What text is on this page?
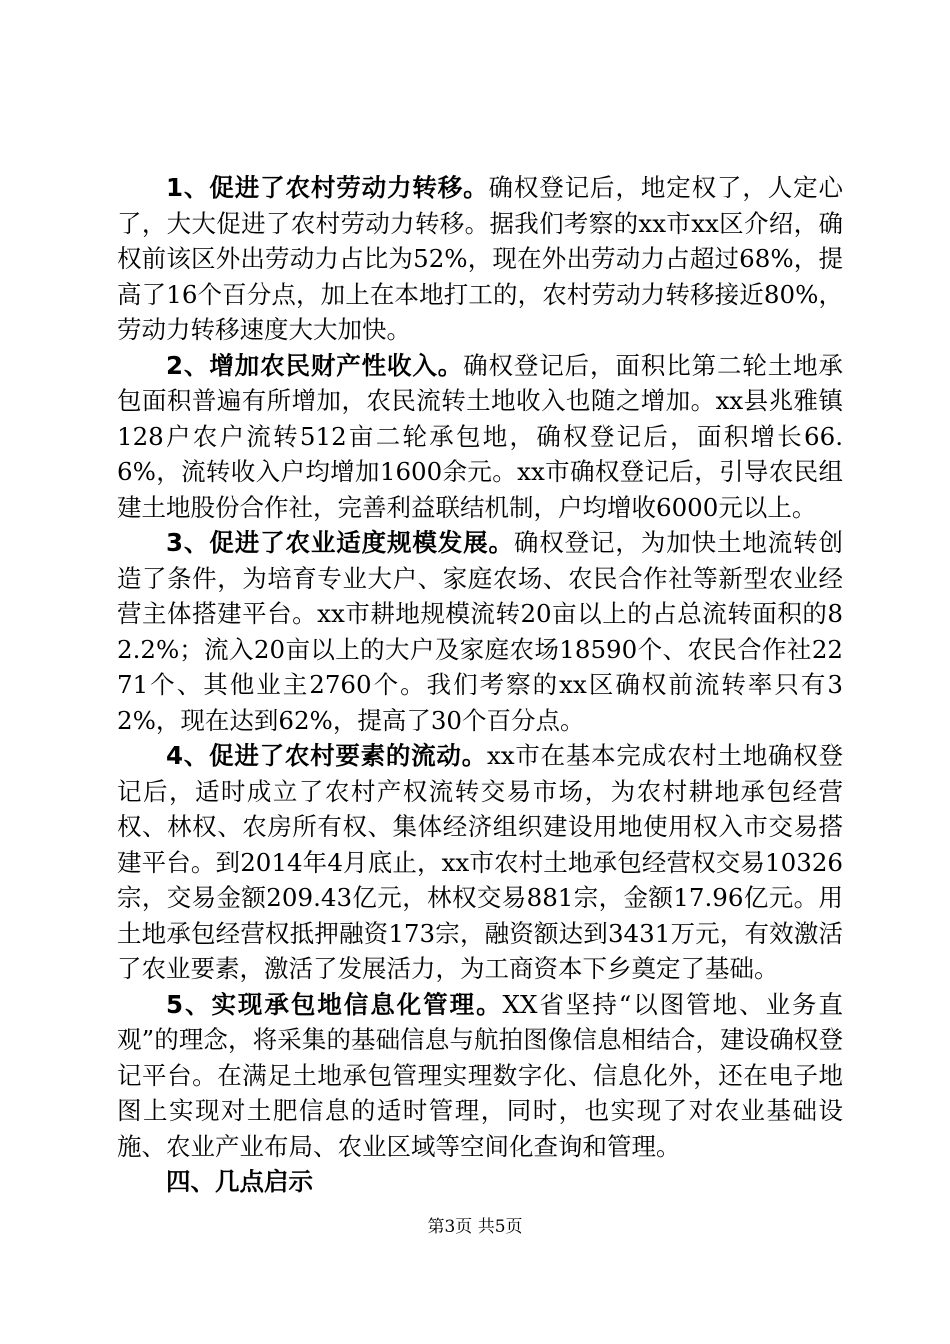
1、促进了农村劳动力转移。确权登记后，地定权了，人定心了，大大促进了农村劳动力转移。据我们考察的xx市xx区介绍，确权前该区外出劳动力占比为52%，现在外出劳动力占超过68%，提高了16个百分点，加上在本地打工的，农村劳动力转移接近80%，劳动力转移速度大大加快。

2、增加农民财产性收入。确权登记后，面积比第二轮土地承包面积普遍有所增加，农民流转土地收入也随之增加。xx县兆雅镇128户农户流转512亩二轮承包地，确权登记后，面积增长66.6%，流转收入户均增加1600余元。xx市确权登记后，引导农民组建土地股份合作社，完善利益联结机制，户均增收6000元以上。

3、促进了农业适度规模发展。确权登记，为加快土地流转创造了条件，为培育专业大户、家庭农场、农民合作社等新型农业经营主体搭建平台。xx市耕地规模流转20亩以上的占总流转面积的82.2%；流入20亩以上的大户及家庭农场18590个、农民合作社2271个、其他业主2760个。我们考察的xx区确权前流转率只有32%，现在达到62%，提高了30个百分点。

4、促进了农村要素的流动。xx市在基本完成农村土地确权登记后，适时成立了农村产权流转交易市场，为农村耕地承包经营权、林权、农房所有权、集体经济组织建设用地使用权入市交易搭建平台。到2014年4月底止，xx市农村土地承包经营权交易10326宗，交易金额209.43亿元，林权交易881宗，金额17.96亿元。用土地承包经营权抵押融资173宗，融资额达到3431万元，有效激活了农业要素，激活了发展活力，为工商资本下乡奠定了基础。

5、实现承包地信息化管理。XX省坚持“以图管地、业务直观”的理念，将采集的基础信息与航拍图像信息相结合，建设确权登记平台。在满足土地承包管理实理数字化、信息化外，还在电子地图上实现对土肥信息的适时管理，同时，也实现了对农业基础设施、农业产业布局、农业区域等空间化查询和管理。

四、几点启示

第3页 共5页
